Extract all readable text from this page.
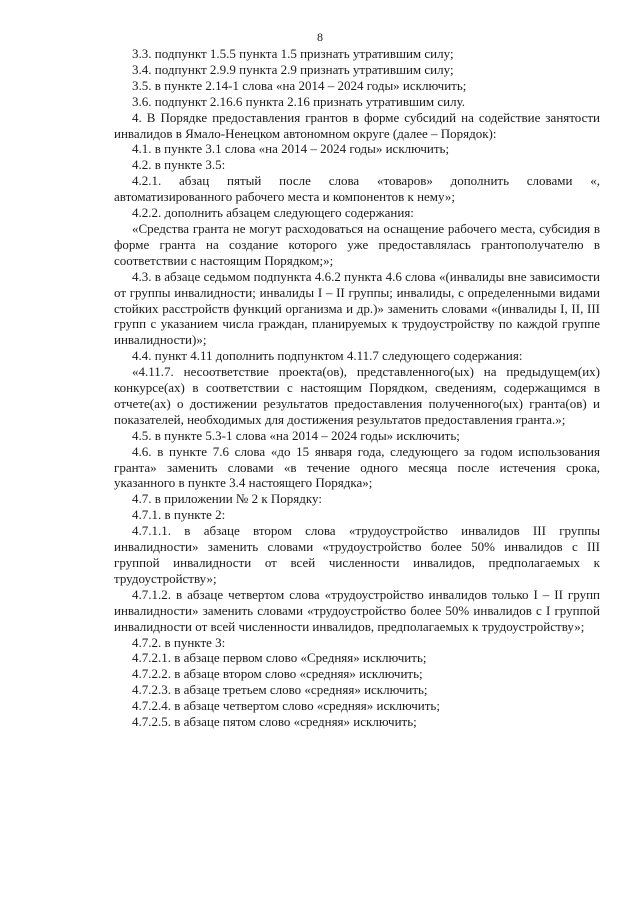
8

3.3. подпункт 1.5.5 пункта 1.5 признать утратившим силу;

3.4. подпункт 2.9.9 пункта 2.9 признать утратившим силу;

3.5. в пункте 2.14-1 слова «на 2014 – 2024 годы» исключить;

3.6. подпункт 2.16.6 пункта 2.16 признать утратившим силу.

4. В Порядке предоставления грантов в форме субсидий на содействие занятости инвалидов в Ямало-Ненецком автономном округе (далее – Порядок):

4.1. в пункте 3.1 слова «на 2014 – 2024 годы» исключить;

4.2. в пункте 3.5:

4.2.1. абзац пятый после слова «товаров» дополнить словами «, автоматизированного рабочего места и компонентов к нему»;

4.2.2. дополнить абзацем следующего содержания:

«Средства гранта не могут расходоваться на оснащение рабочего места, субсидия в форме гранта на создание которого уже предоставлялась грантополучателю в соответствии с настоящим Порядком;»;

4.3. в абзаце седьмом подпункта 4.6.2 пункта 4.6 слова «(инвалиды вне зависимости от группы инвалидности; инвалиды I – II группы; инвалиды, с определенными видами стойких расстройств функций организма и др.)» заменить словами «(инвалиды I, II, III групп с указанием числа граждан, планируемых к трудоустройству по каждой группе инвалидности)»;

4.4. пункт 4.11 дополнить подпунктом 4.11.7 следующего содержания:

«4.11.7. несоответствие проекта(ов), представленного(ых) на предыдущем(их) конкурсе(ах) в соответствии с настоящим Порядком, сведениям, содержащимся в отчете(ах) о достижении результатов предоставления полученного(ых) гранта(ов) и показателей, необходимых для достижения результатов предоставления гранта.»;

4.5. в пункте 5.3-1 слова «на 2014 – 2024 годы» исключить;

4.6. в пункте 7.6 слова «до 15 января года, следующего за годом использования гранта» заменить словами «в течение одного месяца после истечения срока, указанного в пункте 3.4 настоящего Порядка»;

4.7. в приложении № 2 к Порядку:

4.7.1. в пункте 2:

4.7.1.1. в абзаце втором слова «трудоустройство инвалидов III группы инвалидности» заменить словами «трудоустройство более 50% инвалидов с III группой инвалидности от всей численности инвалидов, предполагаемых к трудоустройству»;

4.7.1.2. в абзаце четвертом слова «трудоустройство инвалидов только I – II групп инвалидности» заменить словами «трудоустройство более 50% инвалидов с I группой инвалидности от всей численности инвалидов, предполагаемых к трудоустройству»;

4.7.2. в пункте 3:

4.7.2.1. в абзаце первом слово «Средняя» исключить;

4.7.2.2. в абзаце втором слово «средняя» исключить;

4.7.2.3. в абзаце третьем слово «средняя» исключить;

4.7.2.4. в абзаце четвертом слово «средняя» исключить;

4.7.2.5. в абзаце пятом слово «средняя» исключить;
